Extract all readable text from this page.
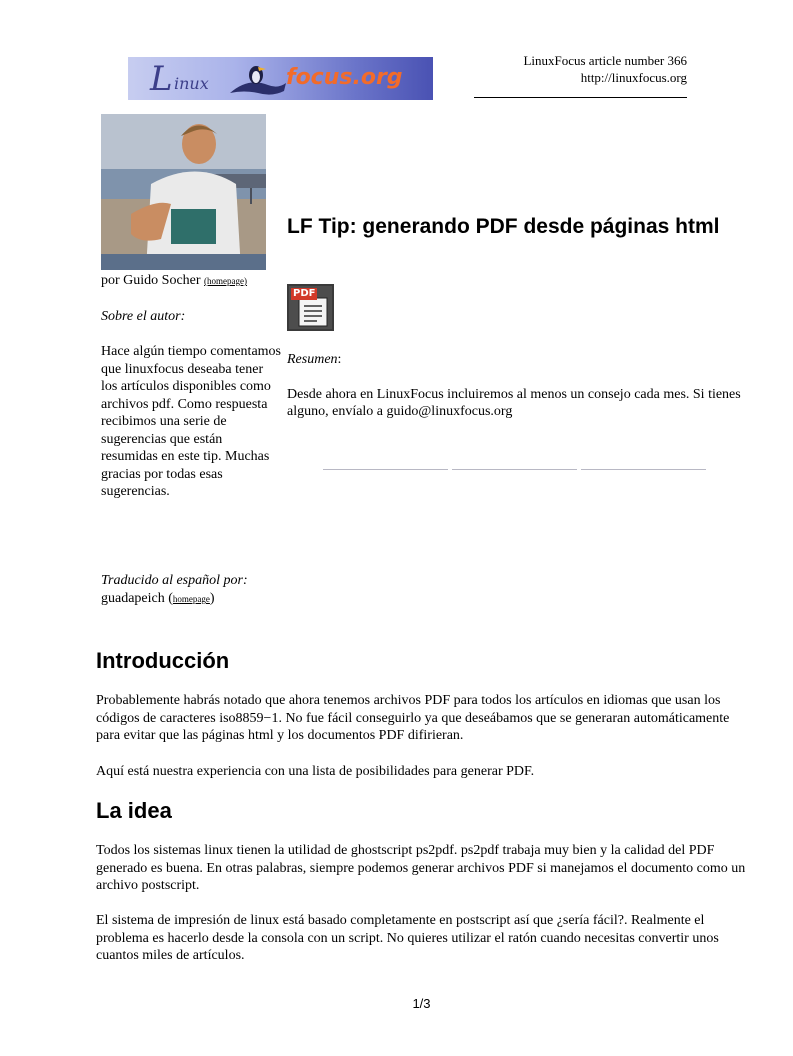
L inux	focus.org
LinuxFocus article number 366
http://linuxfocus.org
por Guido Socher (homepage)
Sobre el autor:
Hace algún tiempo comentamos que linuxfocus deseaba tener los artículos disponibles como archivos pdf. Como respuesta recibimos una serie de sugerencias que están resumidas en este tip. Muchas gracias por todas esas sugerencias.
Traducido al español por:
guadapeich (homepage)
LF Tip: generando PDF desde páginas html
PDF
Resumen:
Desde ahora en LinuxFocus incluiremos al menos un consejo cada mes. Si tienes alguno, envíalo a guido@linuxfocus.org
Introducción
Probablemente habrás notado que ahora tenemos archivos PDF para todos los artículos en idiomas que usan los códigos de caracteres iso8859−1. No fue fácil conseguirlo ya que deseábamos que se generaran automáticamente para evitar que las páginas html y los documentos PDF difirieran.
Aquí está nuestra experiencia con una lista de posibilidades para generar PDF.
La idea
Todos los sistemas linux tienen la utilidad de ghostscript ps2pdf. ps2pdf trabaja muy bien y la calidad del PDF generado es buena. En otras palabras, siempre podemos generar archivos PDF si manejamos el documento como un archivo postscript.
El sistema de impresión de linux está basado completamente en postscript así que ¿sería fácil?. Realmente el problema es hacerlo desde la consola con un script. No quieres utilizar el ratón cuando necesitas convertir unos cuantos miles de artículos.
1/3
